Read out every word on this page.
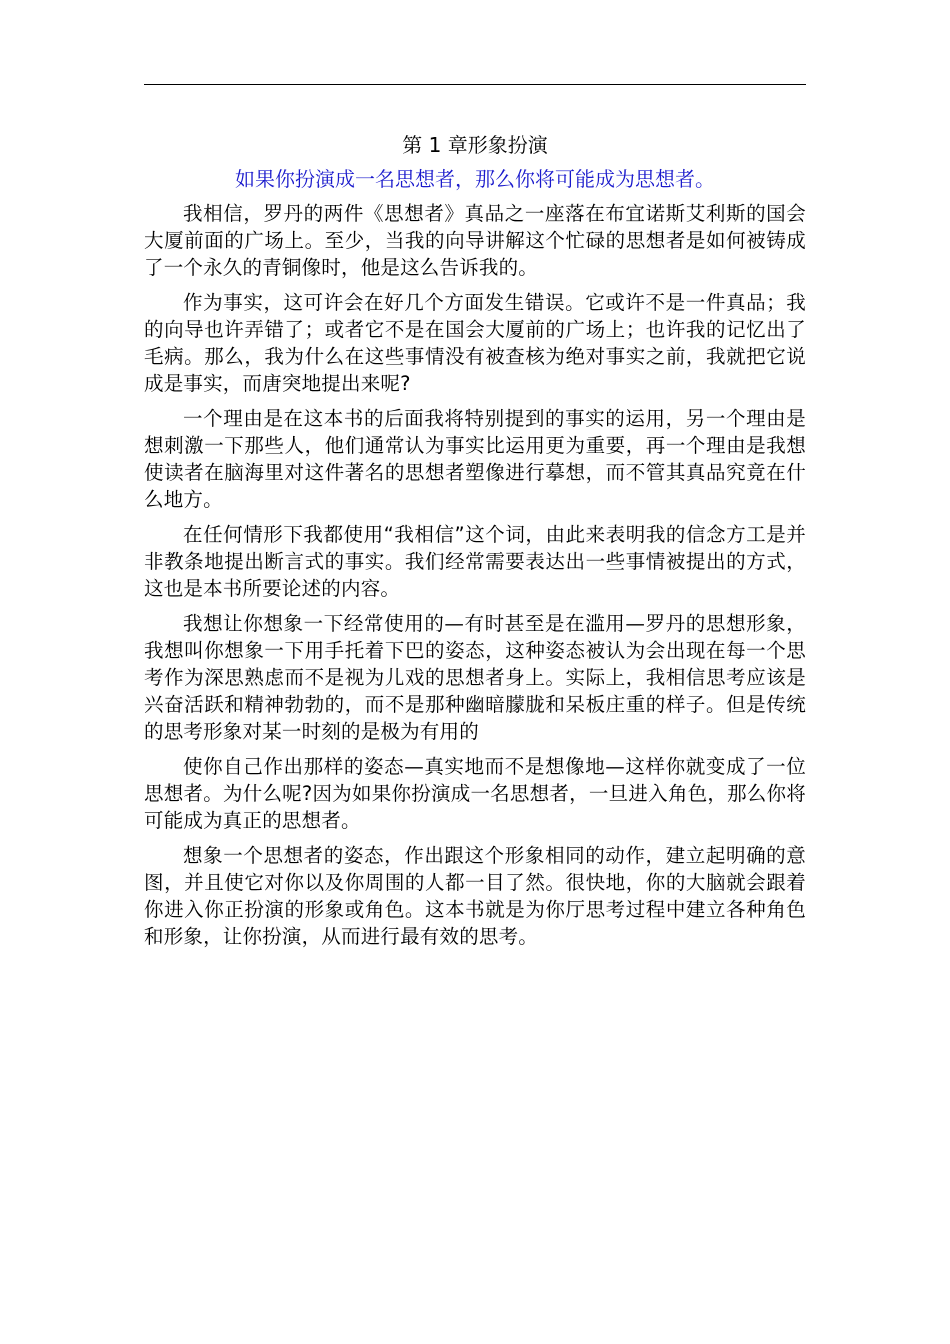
第 1 章形象扮演
如果你扮演成一名思想者，那么你将可能成为思想者。

我相信，罗丹的两件《思想者》真品之一座落在布宜诺斯艾利斯的国会大厦前面的广场上。至少，当我的向导讲解这个忙碌的思想者是如何被铸成了一个永久的青铜像时，他是这么告诉我的。

作为事实，这可许会在好几个方面发生错误。它或许不是一件真品；我的向导也许弄错了；或者它不是在国会大厦前的广场上；也许我的记忆出了毛病。那么，我为什么在这些事情没有被查核为绝对事实之前，我就把它说成是事实，而唐突地提出来呢?

一个理由是在这本书的后面我将特别提到的事实的运用，另一个理由是想刺激一下那些人，他们通常认为事实比运用更为重要，再一个理由是我想使读者在脑海里对这件著名的思想者塑像进行摹想，而不管其真品究竟在什么地方。

在任何情形下我都使用“我相信”这个词，由此来表明我的信念方工是并非教条地提出断言式的事实。我们经常需要表达出一些事情被提出的方式，这也是本书所要论述的内容。

我想让你想象一下经常使用的—有时甚至是在滥用—罗丹的思想形象，我想叫你想象一下用手托着下巴的姿态，这种姿态被认为会出现在每一个思考作为深思熟虑而不是视为儿戏的思想者身上。实际上，我相信思考应该是兴奋活跃和精神勃勃的，而不是那种幽暗朦胧和呆板庄重的样子。但是传统的思考形象对某一时刻的是极为有用的

使你自己作出那样的姿态—真实地而不是想像地—这样你就变成了一位思想者。为什么呢?因为如果你扮演成一名思想者，一旦进入角色，那么你将可能成为真正的思想者。

想象一个思想者的姿态，作出跟这个形象相同的动作，建立起明确的意图，并且使它对你以及你周围的人都一目了然。很快地，你的大脑就会跟着你进入你正扮演的形象或角色。这本书就是为你厅思考过程中建立各种角色和形象，让你扮演，从而进行最有效的思考。
